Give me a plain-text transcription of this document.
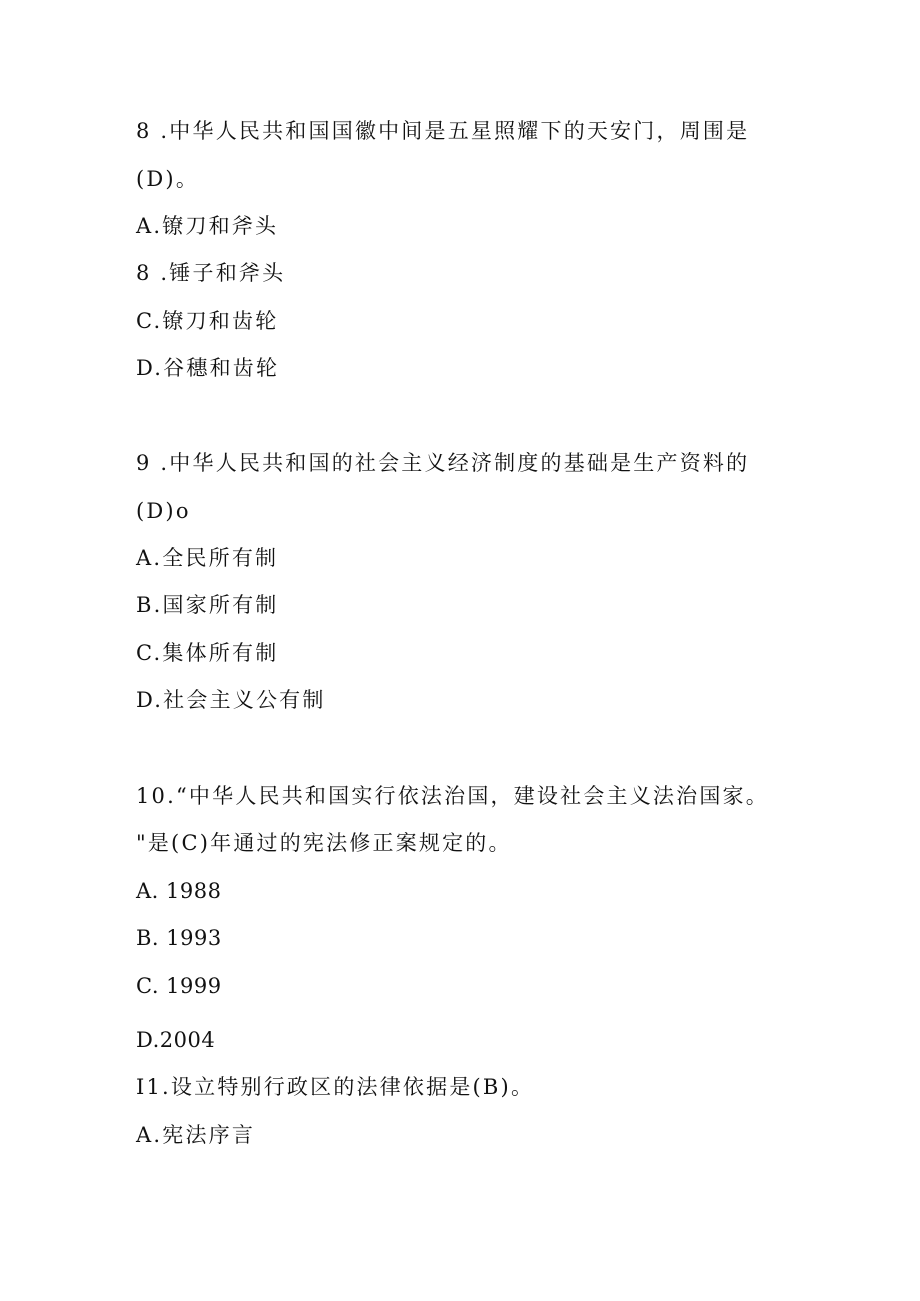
8 .中华人民共和国国徽中间是五星照耀下的天安门，周围是
(D)。
A.镣刀和斧头
8 .锤子和斧头
C.镣刀和齿轮
D.谷穗和齿轮
9 .中华人民共和国的社会主义经济制度的基础是生产资料的
(D)o
A.全民所有制
B.国家所有制
C.集体所有制
D.社会主义公有制
10.“中华人民共和国实行依法治国，建设社会主义法治国家。
"是(C)年通过的宪法修正案规定的。
A. 1988
B. 1993
C. 1999
D.2004
I1.设立特别行政区的法律依据是(B)。
A.宪法序言
